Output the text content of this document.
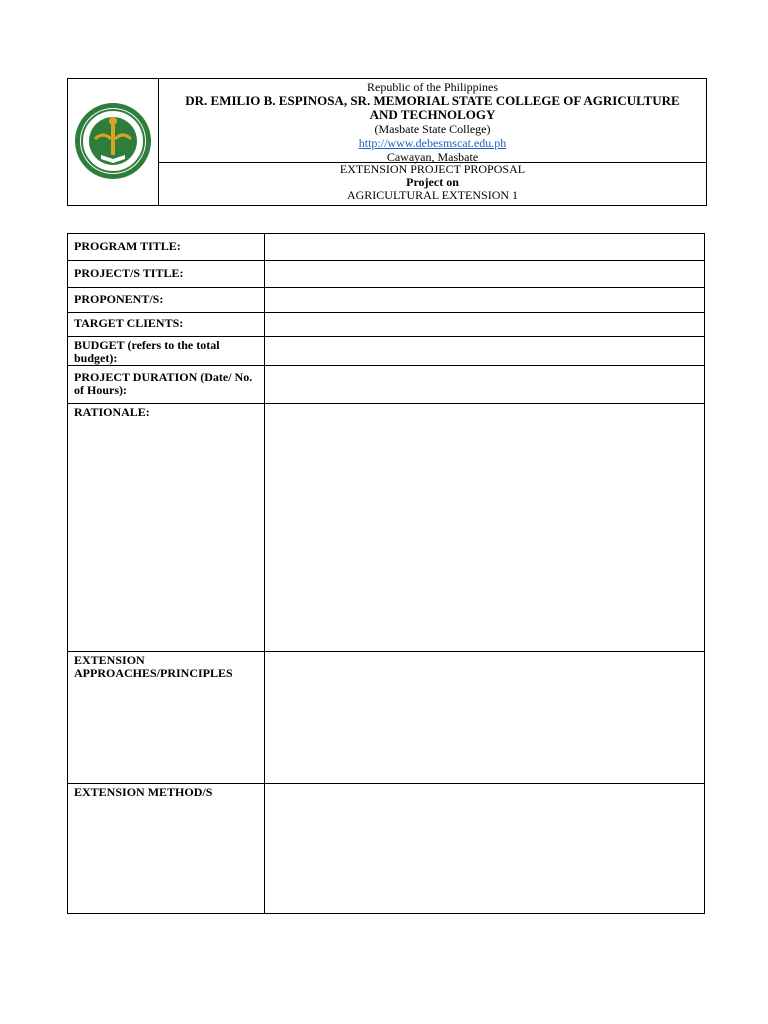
Republic of the Philippines
DR. EMILIO B. ESPINOSA, SR. MEMORIAL STATE COLLEGE OF AGRICULTURE
AND TECHNOLOGY
(Masbate State College)
http://www.debesmscat.edu.ph
Cawayan, Masbate
EXTENSION PROJECT PROPOSAL
Project on
AGRICULTURAL EXTENSION 1
PROGRAM TITLE:
PROJECT/S TITLE:
PROPONENT/S:
TARGET CLIENTS:
BUDGET (refers to the total budget):
PROJECT DURATION (Date/ No. of Hours):
RATIONALE:
EXTENSION APPROACHES/PRINCIPLES
EXTENSION METHOD/S
